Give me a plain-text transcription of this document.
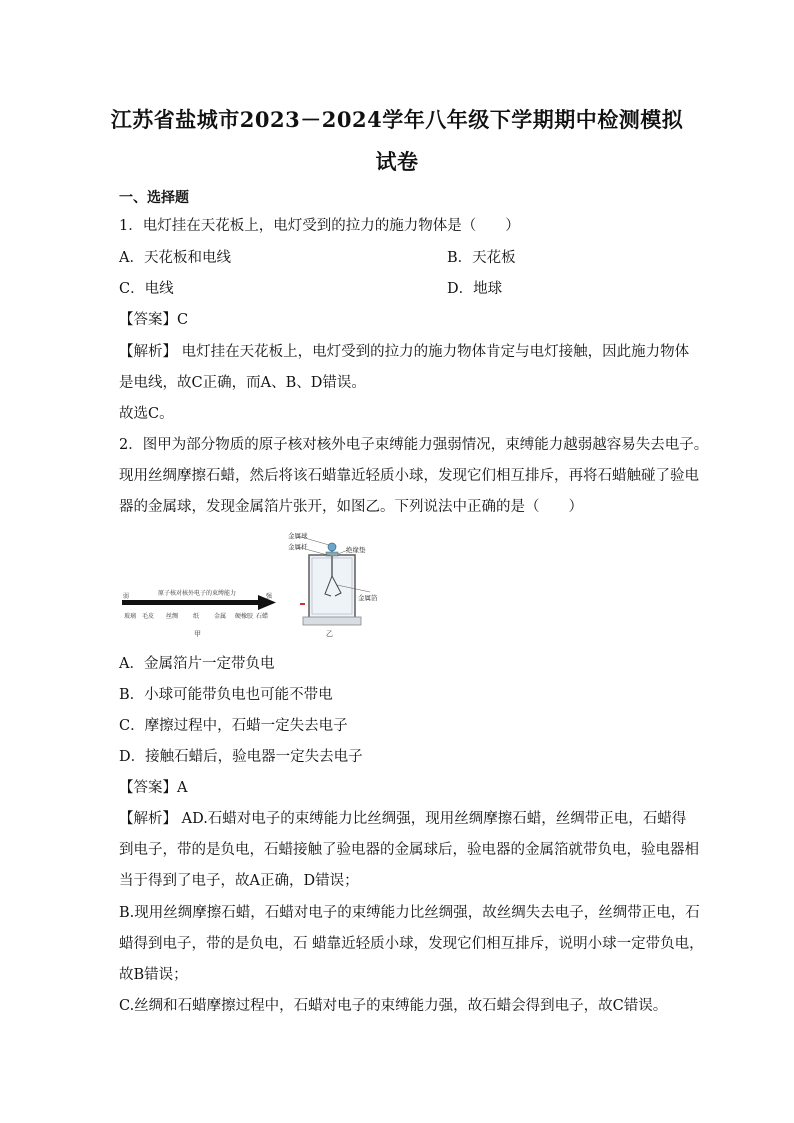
江苏省盐城市2023－2024学年八年级下学期期中检测模拟
试卷
一、选择题
1．电灯挂在天花板上，电灯受到的拉力的施力物体是（　　）
A．天花板和电线	B．天花板
C．电线	D．地球
【答案】C
【解析】 电灯挂在天花板上，电灯受到的拉力的施力物体肯定与电灯接触，因此施力物体
是电线，故C正确，而A、B、D错误。
故选C。
2．图甲为部分物质的原子核对核外电子束缚能力强弱情况，束缚能力越弱越容易失去电子。
现用丝绸摩擦石蜡，然后将该石蜡靠近轻质小球，发现它们相互排斥，再将石蜡触碰了验电
器的金属球，发现金属箔片张开，如图乙。下列说法中正确的是（　　）
弱	原子核对核外电子的束缚能力	强
玻璃 毛皮 丝绸 纸 金属 硬橡胶 石蜡
甲
金属球
金属杆	绝缘垫
金属箔
乙
A．金属箔片一定带负电
B．小球可能带负电也可能不带电
C．摩擦过程中，石蜡一定失去电子
D．接触石蜡后，验电器一定失去电子
【答案】A
【解析】 AD.石蜡对电子的束缚能力比丝绸强，现用丝绸摩擦石蜡，丝绸带正电，石蜡得
到电子，带的是负电，石蜡接触了验电器的金属球后，验电器的金属箔就带负电，验电器相
当于得到了电子，故A正确，D错误；
B.现用丝绸摩擦石蜡，石蜡对电子的束缚能力比丝绸强，故丝绸失去电子，丝绸带正电，石
蜡得到电子，带的是负电，石 蜡靠近轻质小球，发现它们相互排斥，说明小球一定带负电，
故B错误；
C.丝绸和石蜡摩擦过程中，石蜡对电子的束缚能力强，故石蜡会得到电子，故C错误。
